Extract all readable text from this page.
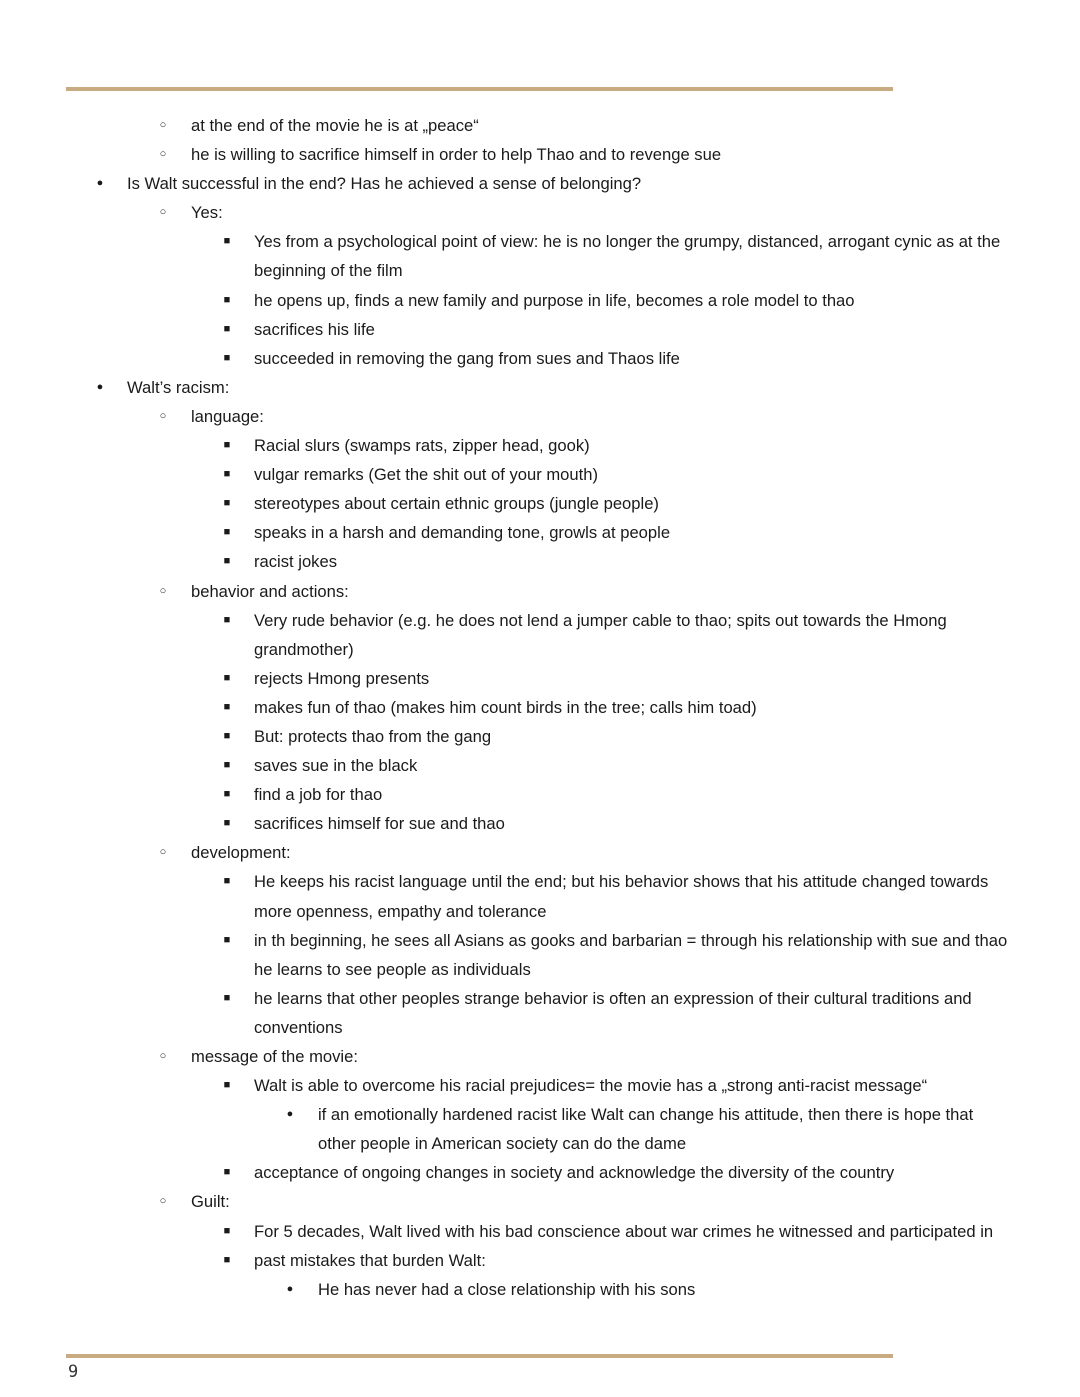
○ at the end of the movie he is at „peace“
○ he is willing to sacrifice himself in order to help Thao and to revenge sue
● Is Walt successful in the end? Has he achieved a sense of belonging?
○ Yes:
■ Yes from a psychological point of view: he is no longer the grumpy, distanced, arrogant cynic as at the
beginning of the film
■ he opens up, finds a new family and purpose in life, becomes a role model to thao
■ sacrifices his life
■ succeeded in removing the gang from sues and Thaos life
● Walt’s racism:
○ language:
■ Racial slurs (swamps rats, zipper head, gook)
■ vulgar remarks (Get the shit out of your mouth)
■ stereotypes about certain ethnic groups (jungle people)
■ speaks in a harsh and demanding tone, growls at people
■ racist jokes
○ behavior and actions:
■ Very rude behavior (e.g. he does not lend a jumper cable to thao; spits out towards the Hmong
grandmother)
■ rejects Hmong presents
■ makes fun of thao (makes him count birds in the tree; calls him toad)
■ But: protects thao from the gang
■ saves sue in the black
■ find a job for thao
■ sacrifices himself for sue and thao
○ development:
■ He keeps his racist language until the end; but his behavior shows that his attitude changed towards
more openness, empathy and tolerance
■ in th beginning, he sees all Asians as gooks and barbarian = through his relationship with sue and thao
he learns to see people as individuals
■ he learns that other peoples strange behavior is often an expression of their cultural traditions and
conventions
○ message of the movie:
■ Walt is able to overcome his racial prejudices= the movie has a „strong anti-racist message“
● if an emotionally hardened racist like Walt can change his attitude, then there is hope that
other people in American society can do the dame
■ acceptance of ongoing changes in society and acknowledge the diversity of the country
○ Guilt:
■ For 5 decades, Walt lived with his bad conscience about war crimes he witnessed and participated in
■ past mistakes that burden Walt:
● He has never had a close relationship with his sons
9
